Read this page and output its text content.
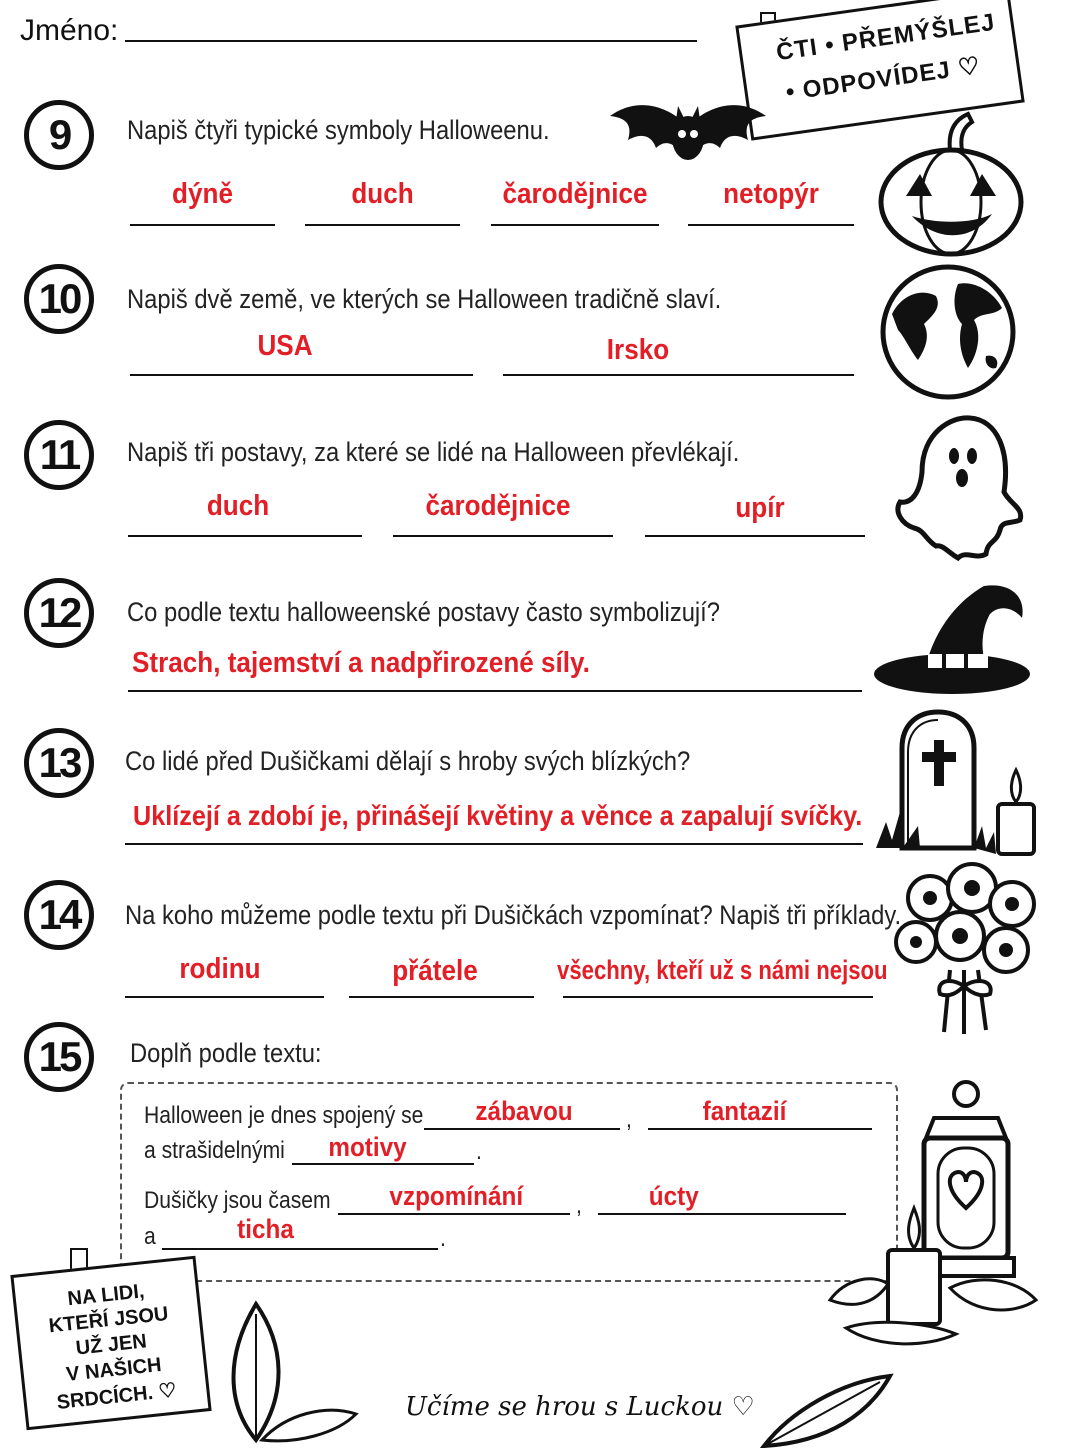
Jméno:	ČTI • PŘEMÝŠLEJ
• ODPOVÍDEJ ♡
9	Napiš čtyři typické symboly Halloweenu.
dýně	duch	čarodějnice	netopýr
10	Napiš dvě země, ve kterých se Halloween tradičně slaví.
USA	Irsko
11	Napiš tři postavy, za které se lidé na Halloween převlékají.
duch	čarodějnice	upír
12	Co podle textu halloweenské postavy často symbolizují?
Strach, tajemství a nadpřirozené síly.
13	Co lidé před Dušičkami dělají s hroby svých blízkých?
Uklízejí a zdobí je, přinášejí květiny a věnce a zapalují svíčky.
14	Na koho můžeme podle textu při Dušičkách vzpomínat? Napiš tři příklady.
rodinu	přátele	všechny, kteří už s námi nejsou
15	Doplň podle textu:
Halloween je dnes spojený se zábavou ,	fantazií
a strašidelnými motivy	.
Dušičky jsou časem vzpomínání , úcty
a	ticha	.
NA LIDI,
KTEŘÍ JSOU
UŽ JEN
V NAŠICH
SRDCÍCH. ♡	Učíme se hrou s Luckou ♡
